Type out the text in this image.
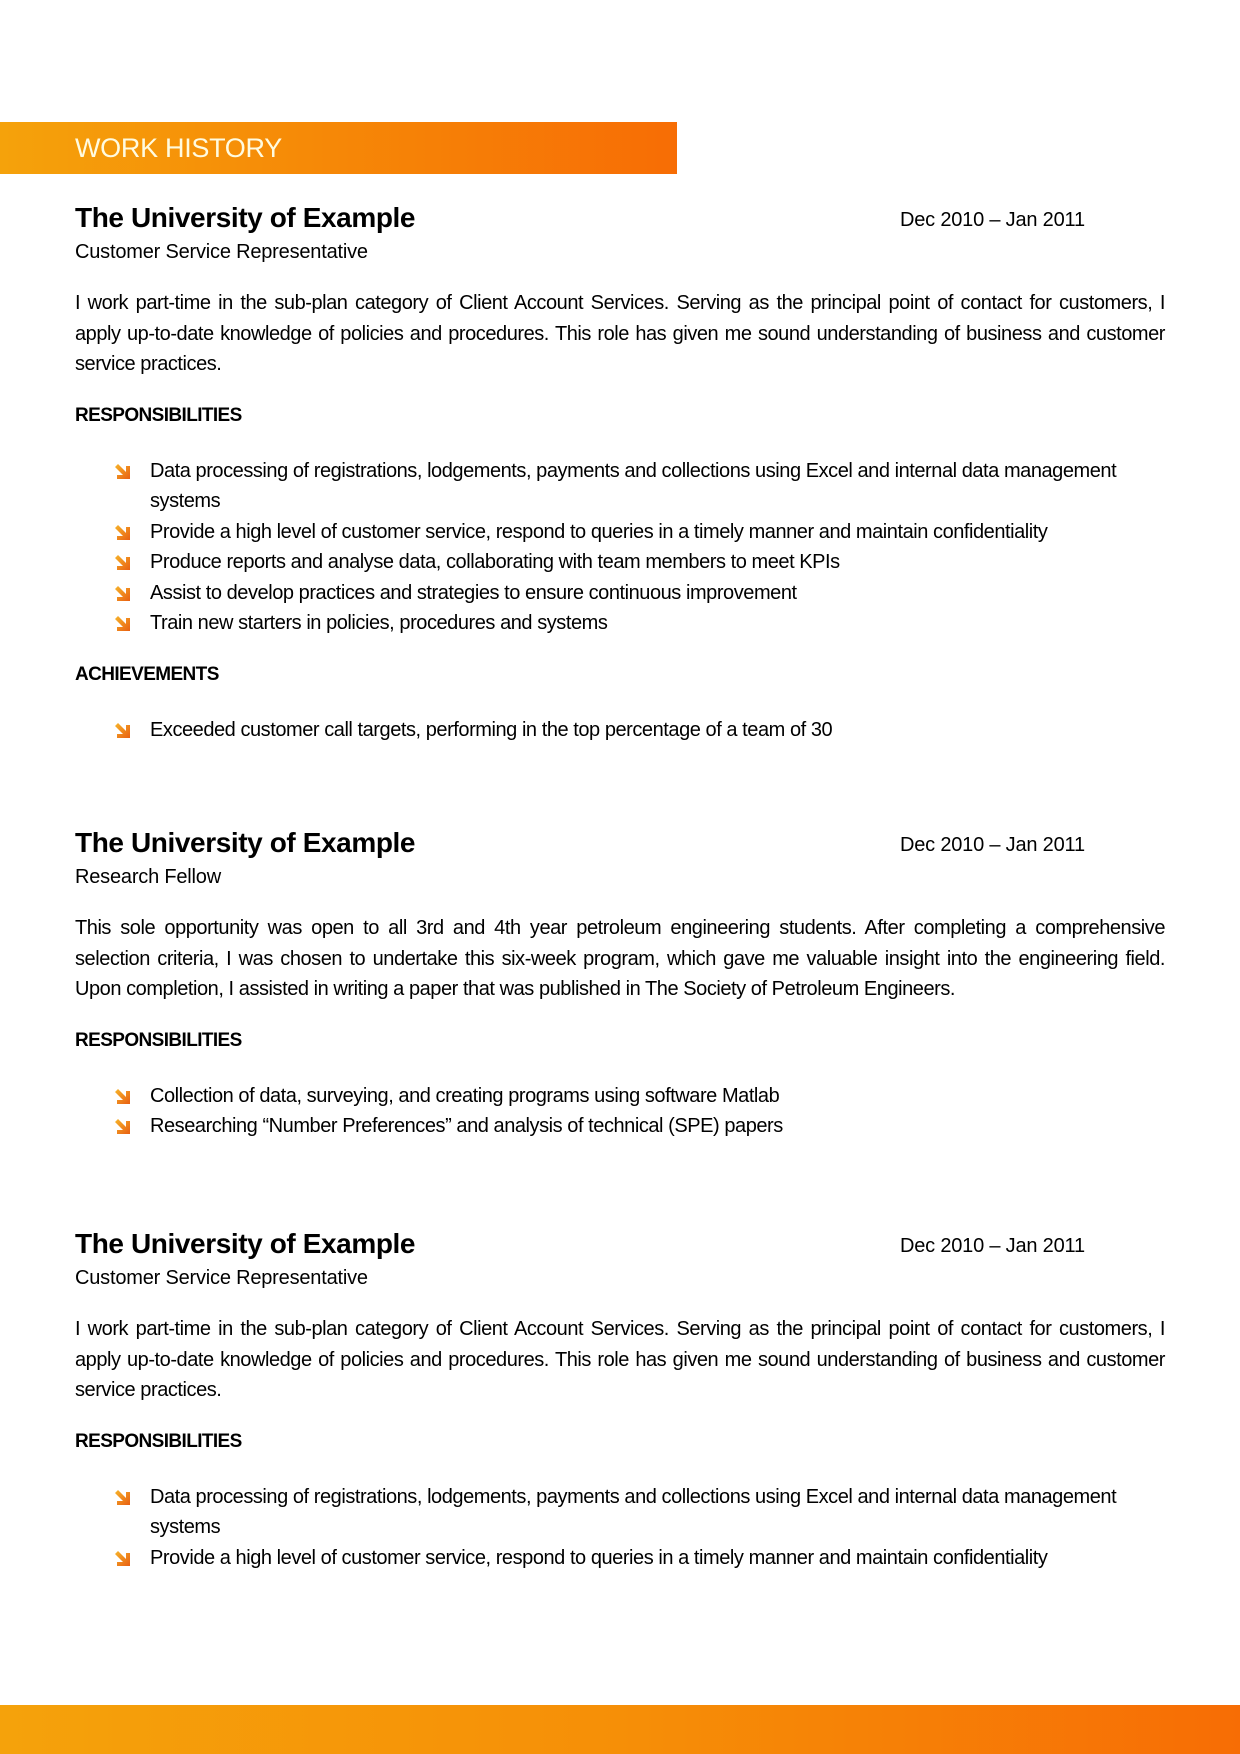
WORK HISTORY
The University of Example	Dec 2010 – Jan 2011
Customer Service Representative
I work part-time in the sub-plan category of Client Account Services. Serving as the principal point of contact for customers, I apply up-to-date knowledge of policies and procedures. This role has given me sound understanding of business and customer service practices.
RESPONSIBILITIES
Data processing of registrations, lodgements, payments and collections using Excel and internal data management systems
Provide a high level of customer service, respond to queries in a timely manner and maintain confidentiality
Produce reports and analyse data, collaborating with team members to meet KPIs
Assist to develop practices and strategies to ensure continuous improvement
Train new starters in policies, procedures and systems
ACHIEVEMENTS
Exceeded customer call targets, performing in the top percentage of a team of 30
The University of Example	Dec 2010 – Jan 2011
Research Fellow
This sole opportunity was open to all 3rd and 4th year petroleum engineering students. After completing a comprehensive selection criteria, I was chosen to undertake this six-week program, which gave me valuable insight into the engineering field. Upon completion, I assisted in writing a paper that was published in The Society of Petroleum Engineers.
RESPONSIBILITIES
Collection of data, surveying, and creating programs using software Matlab
Researching “Number Preferences” and analysis of technical (SPE) papers
The University of Example	Dec 2010 – Jan 2011
Customer Service Representative
I work part-time in the sub-plan category of Client Account Services. Serving as the principal point of contact for customers, I apply up-to-date knowledge of policies and procedures. This role has given me sound understanding of business and customer service practices.
RESPONSIBILITIES
Data processing of registrations, lodgements, payments and collections using Excel and internal data management systems
Provide a high level of customer service, respond to queries in a timely manner and maintain confidentiality
